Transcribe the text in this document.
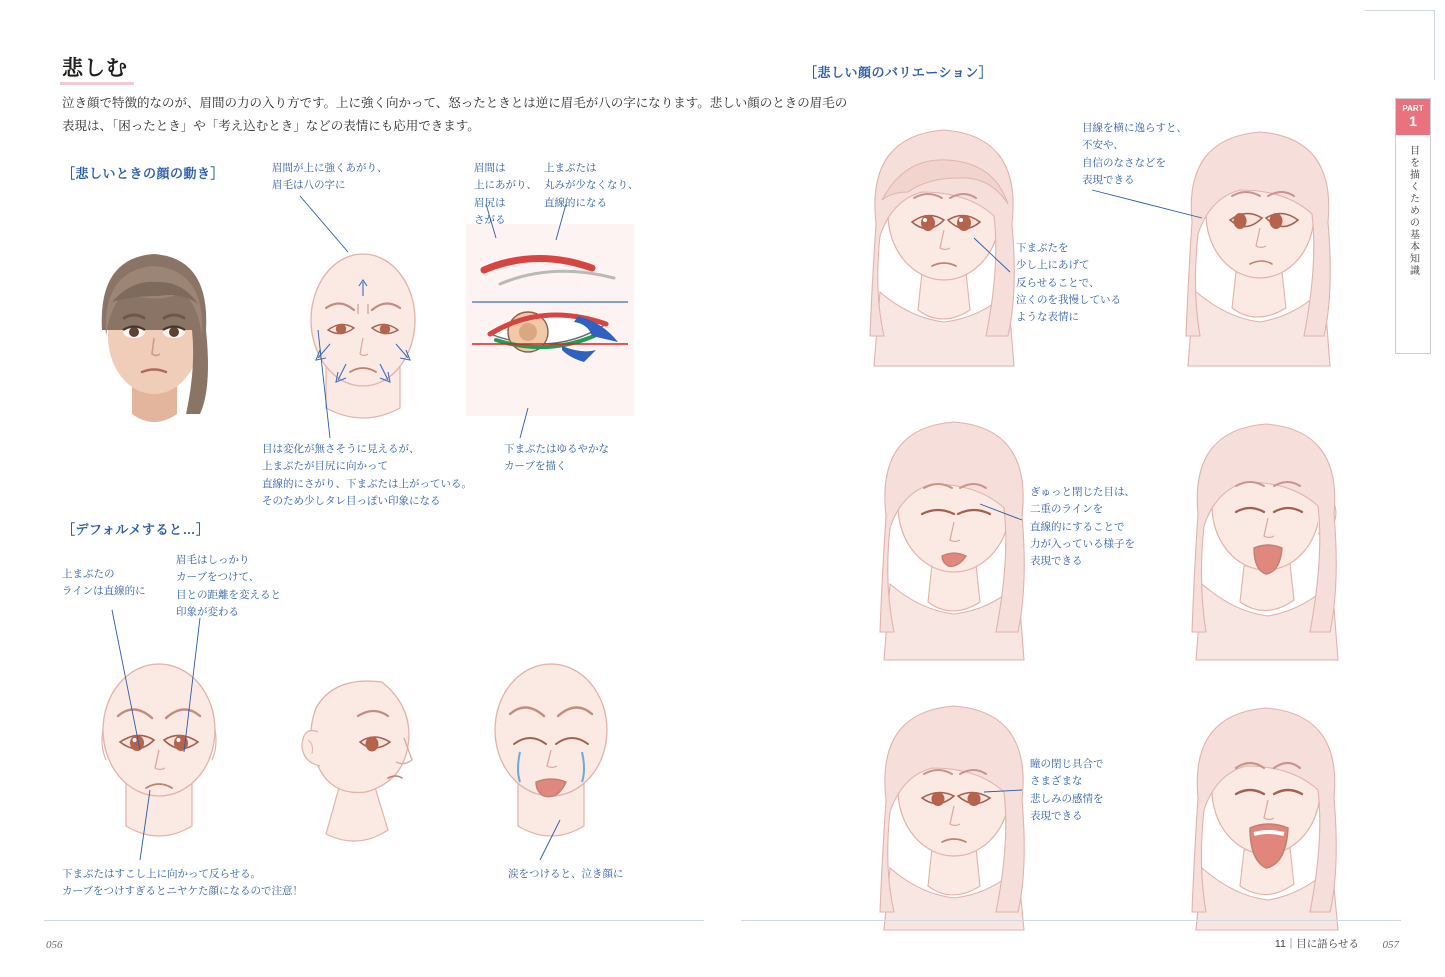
悲しむ
泣き顔で特徴的なのが、眉間の力の入り方です。上に強く向かって、怒ったときとは逆に眉毛が八の字になります。悲しい顔のときの眉毛の表現は、「困ったとき」や「考え込むとき」などの表情にも応用できます。
［悲しいときの顔の動き］	眉間が上に強くあがり、
眉毛は八の字に
眉間は
上にあがり、
眉尻は
さがる
上まぶたは
丸みが少なくなり、
直線的になる
目は変化が無さそうに見えるが、
上まぶたが目尻に向かって
直線的にさがり、下まぶたは上がっている。
そのため少しタレ目っぽい印象になる
下まぶたはゆるやかな
カーブを描く
［デフォルメすると…］
上まぶたの
ラインは直線的に
眉毛はしっかり
カーブをつけて、
目との距離を変えると
印象が変わる
下まぶたはすこし上に向かって反らせる。
カーブをつけすぎるとニヤケた顔になるので注意！
涙をつけると、泣き顔に
056
［悲しい顔のバリエーション］
目線を横に逸らすと、
不安や、
自信のなさなどを
表現できる
下まぶたを
少し上にあげて
反らせることで、
泣くのを我慢している
ような表情に
ぎゅっと閉じた目は、
二重のラインを
直線的にすることで
力が入っている様子を
表現できる
瞳の閉じ具合で
さまざまな
悲しみの感情を
表現できる
PART
1
目を描くための基本知識
11｜目に語らせる 057
